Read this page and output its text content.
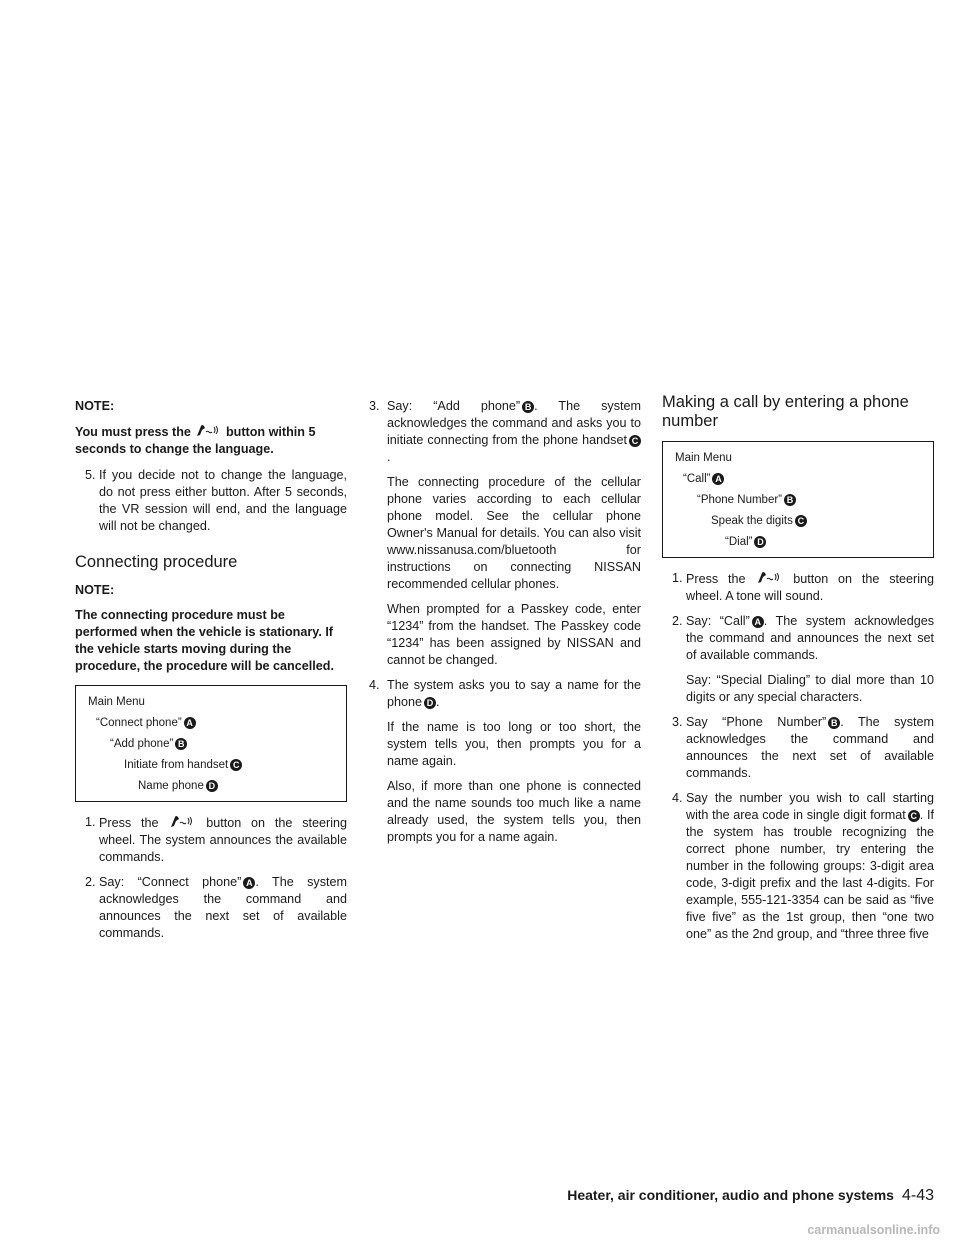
NOTE:

You must press the	button within 5 seconds to change the language.

5. If you decide not to change the language, do not press either button. After 5 seconds, the VR session will end, and the language will not be changed.
Connecting procedure

NOTE:

The connecting procedure must be performed when the vehicle is stationary. If the vehicle starts moving during the procedure, the procedure will be cancelled.

Main Menu
“Connect phone” A
“Add phone” B
Initiate from handset C
Name phone D
1. Press the	button on the steering wheel. The system announces the available commands.
2. Say: “Connect phone” A . The system acknowledges the command and announces the next set of available commands.
3. Say: “Add phone” B . The system acknowledges the command and asks you to initiate connecting from the phone handset C.

The connecting procedure of the cellular phone varies according to each cellular phone model. See the cellular phone Owner's Manual for details. You can also visit www.nissanusa.com/bluetooth for instructions on connecting NISSAN recommended cellular phones.

When prompted for a Passkey code, enter “1234” from the handset. The Passkey code “1234” has been assigned by NISSAN and cannot be changed.

4. The system asks you to say a name for the phone D .

If the name is too long or too short, the system tells you, then prompts you for a name again.

Also, if more than one phone is connected and the name sounds too much like a name already used, the system tells you, then prompts you for a name again.

Making a call by entering a phone number
Main Menu
“Call” A
“Phone Number” B
Speak the digits C
“Dial” D
1. Press the	button on the steering wheel. A tone will sound.
2. Say: “Call” A . The system acknowledges the command and announces the next set of available commands.

Say: “Special Dialing” to dial more than 10 digits or any special characters.

3. Say “Phone Number” B . The system acknowledges the command and announces the next set of available commands.
4. Say the number you wish to call starting with the area code in single digit format C . If the system has trouble recognizing the correct phone number, try entering the number in the following groups: 3-digit area code, 3-digit prefix and the last 4-digits. For example, 555-121-3354 can be said as “five five five” as the 1st group, then “one two one” as the 2nd group, and “three three five
Heater, air conditioner, audio and phone systems 4-43
carmanualsonline.info
